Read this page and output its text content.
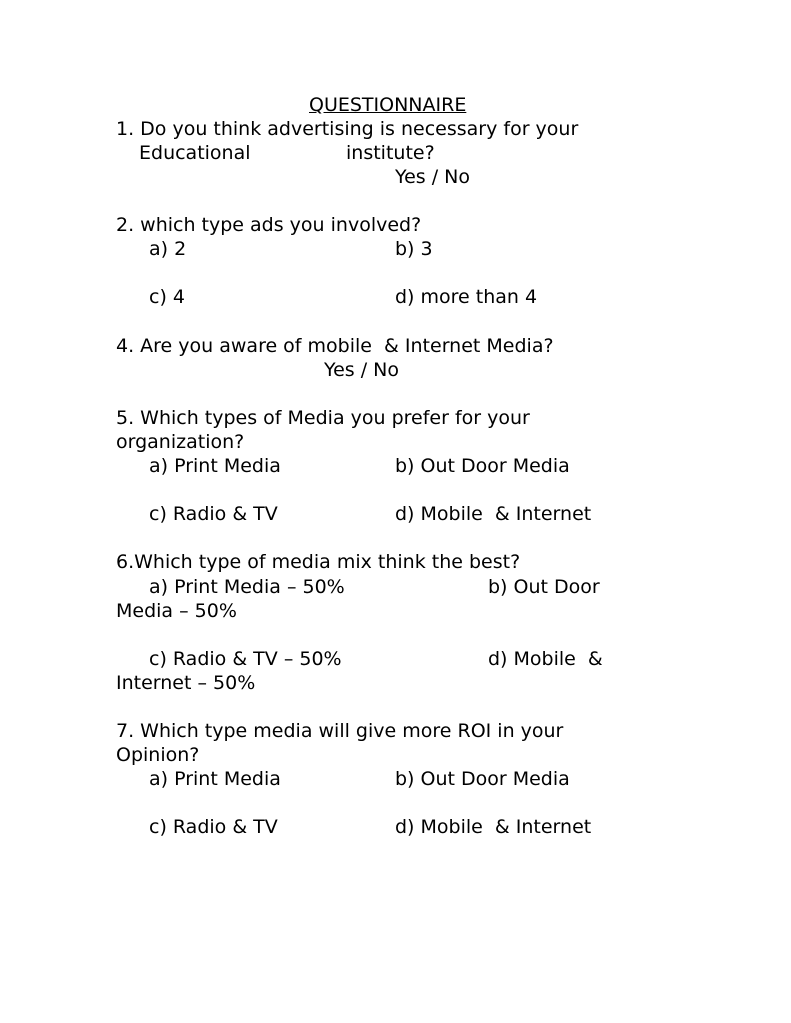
QUESTIONNAIRE
1. Do you think advertising is necessary for your
Educational	institute?
Yes / No
2. which type ads you involved?
a) 2	b) 3
c) 4	d) more than 4
4. Are you aware of mobile  & Internet Media?
Yes / No
5. Which types of Media you prefer for your
organization?
a) Print Media	b) Out Door Media
c) Radio & TV	d) Mobile  & Internet
6.Which type of media mix think the best?
a) Print Media – 50%	b) Out Door
Media – 50%
c) Radio & TV – 50%	d) Mobile  &
Internet – 50%
7. Which type media will give more ROI in your
Opinion?
a) Print Media	b) Out Door Media
c) Radio & TV	d) Mobile  & Internet
